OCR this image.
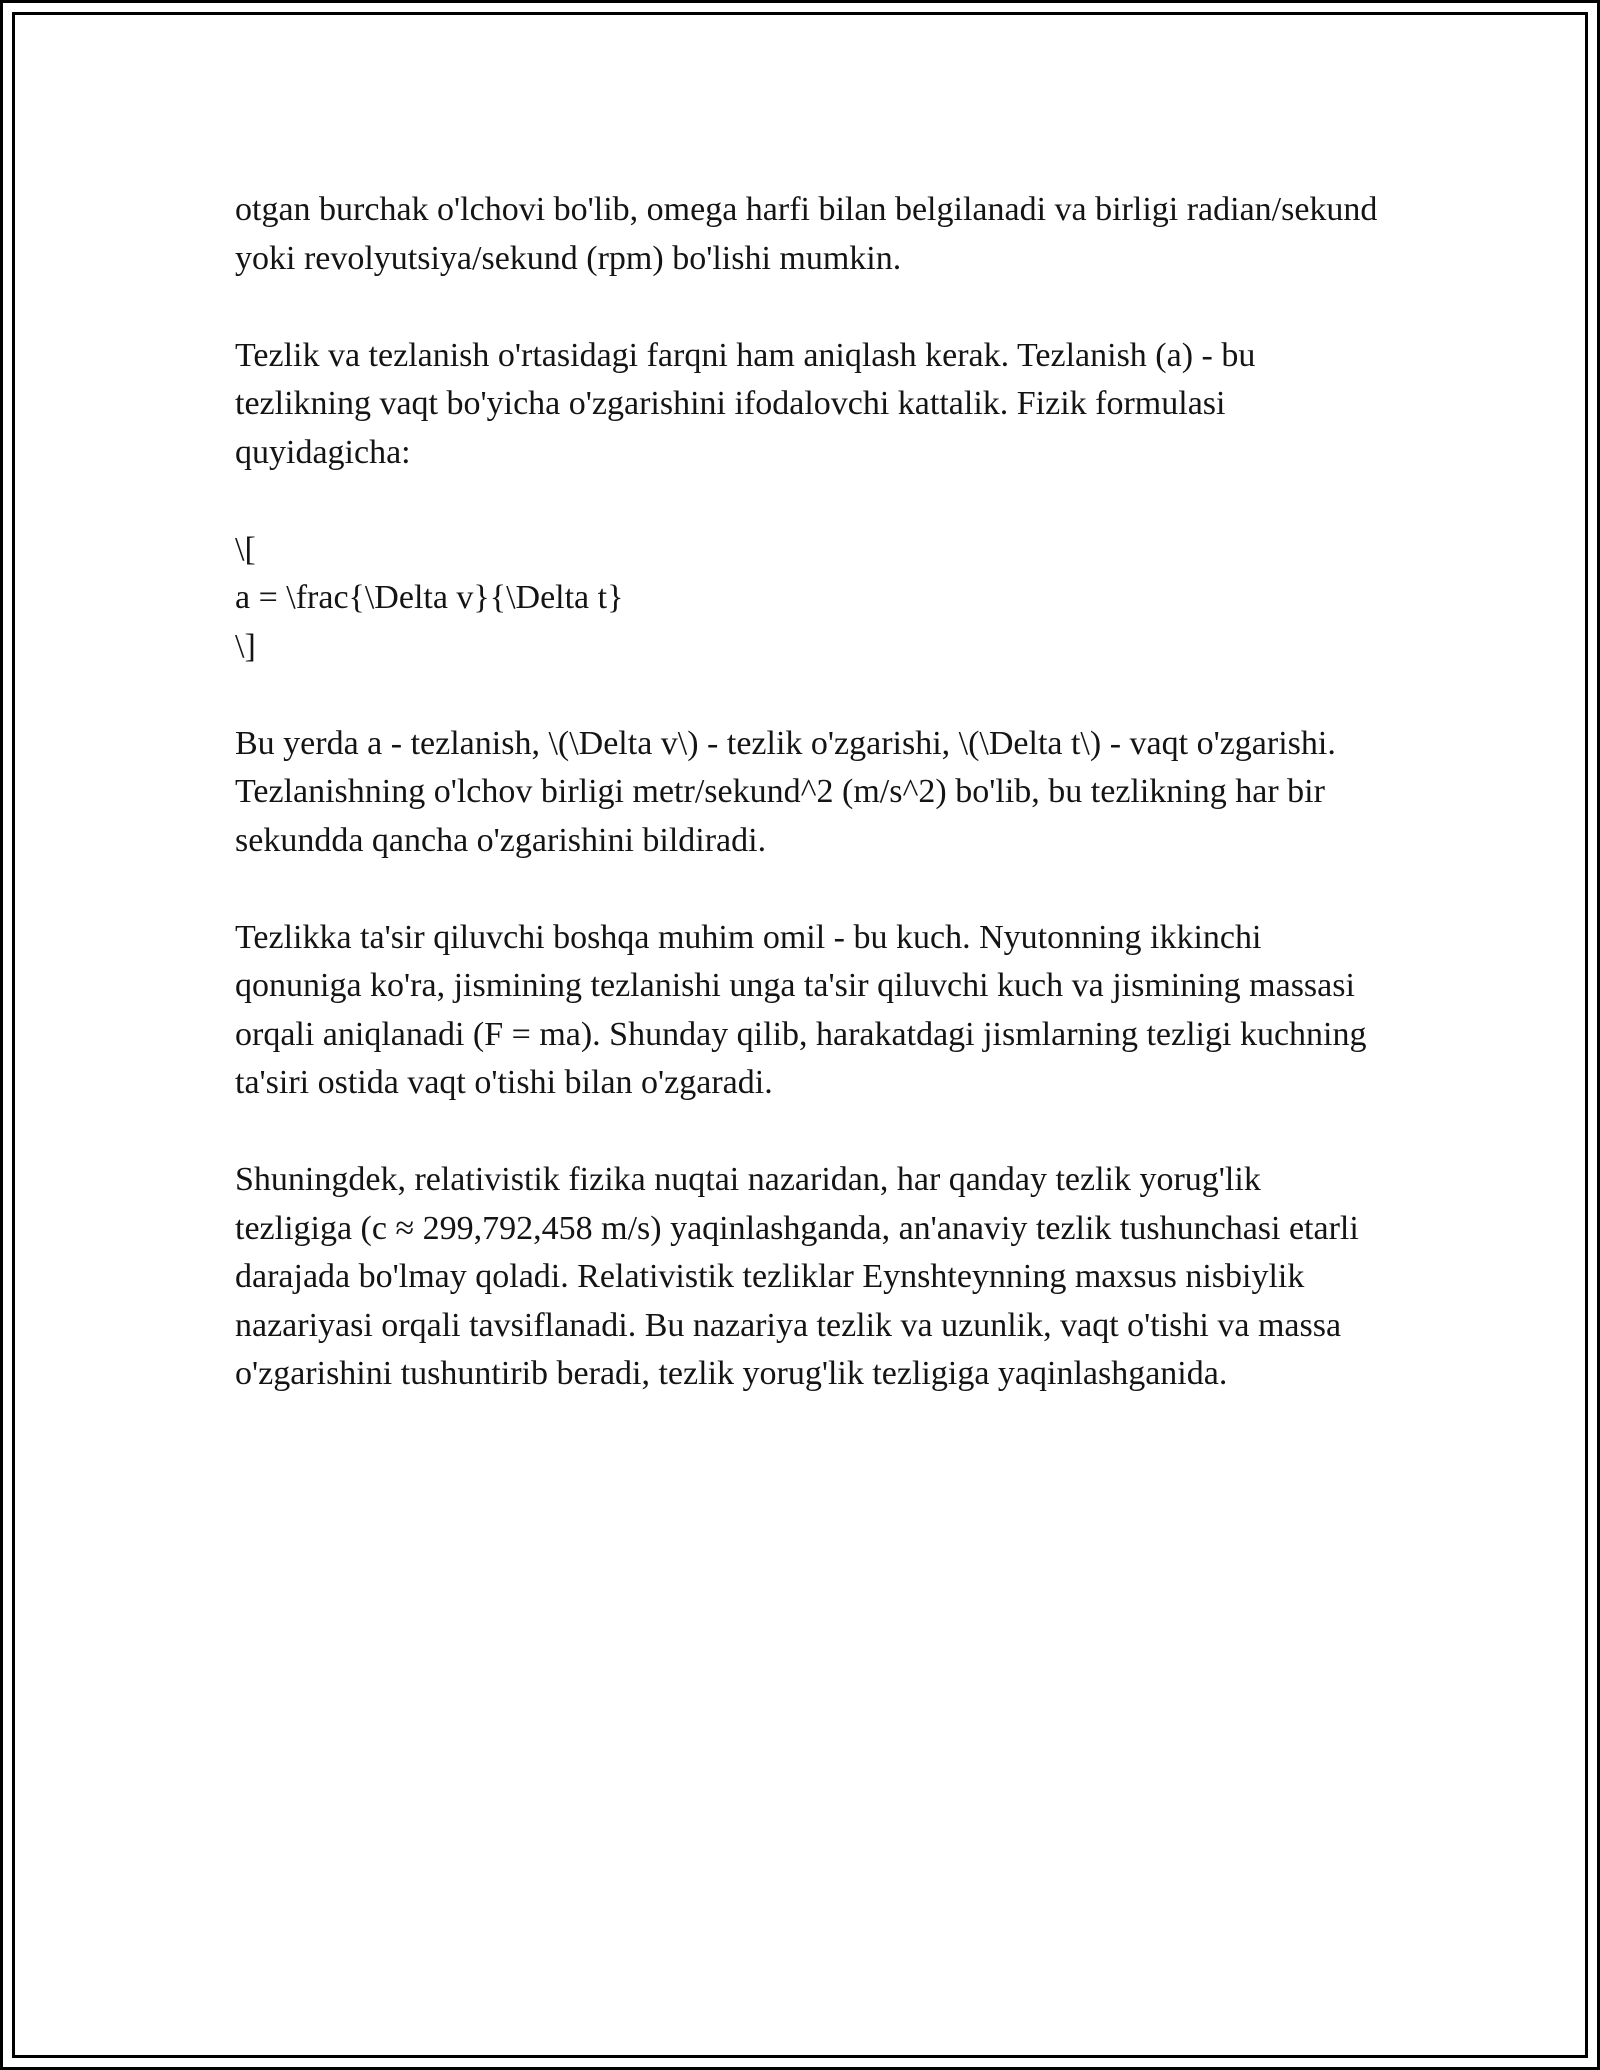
otgan burchak o'lchovi bo'lib, omega harfi bilan belgilanadi va birligi radian/sekund yoki revolyutsiya/sekund (rpm) bo'lishi mumkin.

Tezlik va tezlanish o'rtasidagi farqni ham aniqlash kerak. Tezlanish (a) - bu tezlikning vaqt bo'yicha o'zgarishini ifodalovchi kattalik. Fizik formulasi quyidagicha:

\[

a = \frac{\Delta v}{\Delta t}

\]

Bu yerda a - tezlanish, \(\Delta v\) - tezlik o'zgarishi, \(\Delta t\) - vaqt o'zgarishi. Tezlanishning o'lchov birligi metr/sekund^2 (m/s^2) bo'lib, bu tezlikning har bir sekundda qancha o'zgarishini bildiradi.

Tezlikka ta'sir qiluvchi boshqa muhim omil - bu kuch. Nyutonning ikkinchi qonuniga ko'ra, jismining tezlanishi unga ta'sir qiluvchi kuch va jismining massasi orqali aniqlanadi (F = ma). Shunday qilib, harakatdagi jismlarning tezligi kuchning ta'siri ostida vaqt o'tishi bilan o'zgaradi.

Shuningdek, relativistik fizika nuqtai nazaridan, har qanday tezlik yorug'lik tezligiga (c ≈ 299,792,458 m/s) yaqinlashganda, an'anaviy tezlik tushunchasi etarli darajada bo'lmay qoladi. Relativistik tezliklar Eynshteynning maxsus nisbiylik nazariyasi orqali tavsiflanadi. Bu nazariya tezlik va uzunlik, vaqt o'tishi va massa o'zgarishini tushuntirib beradi, tezlik yorug'lik tezligiga yaqinlashganida.
